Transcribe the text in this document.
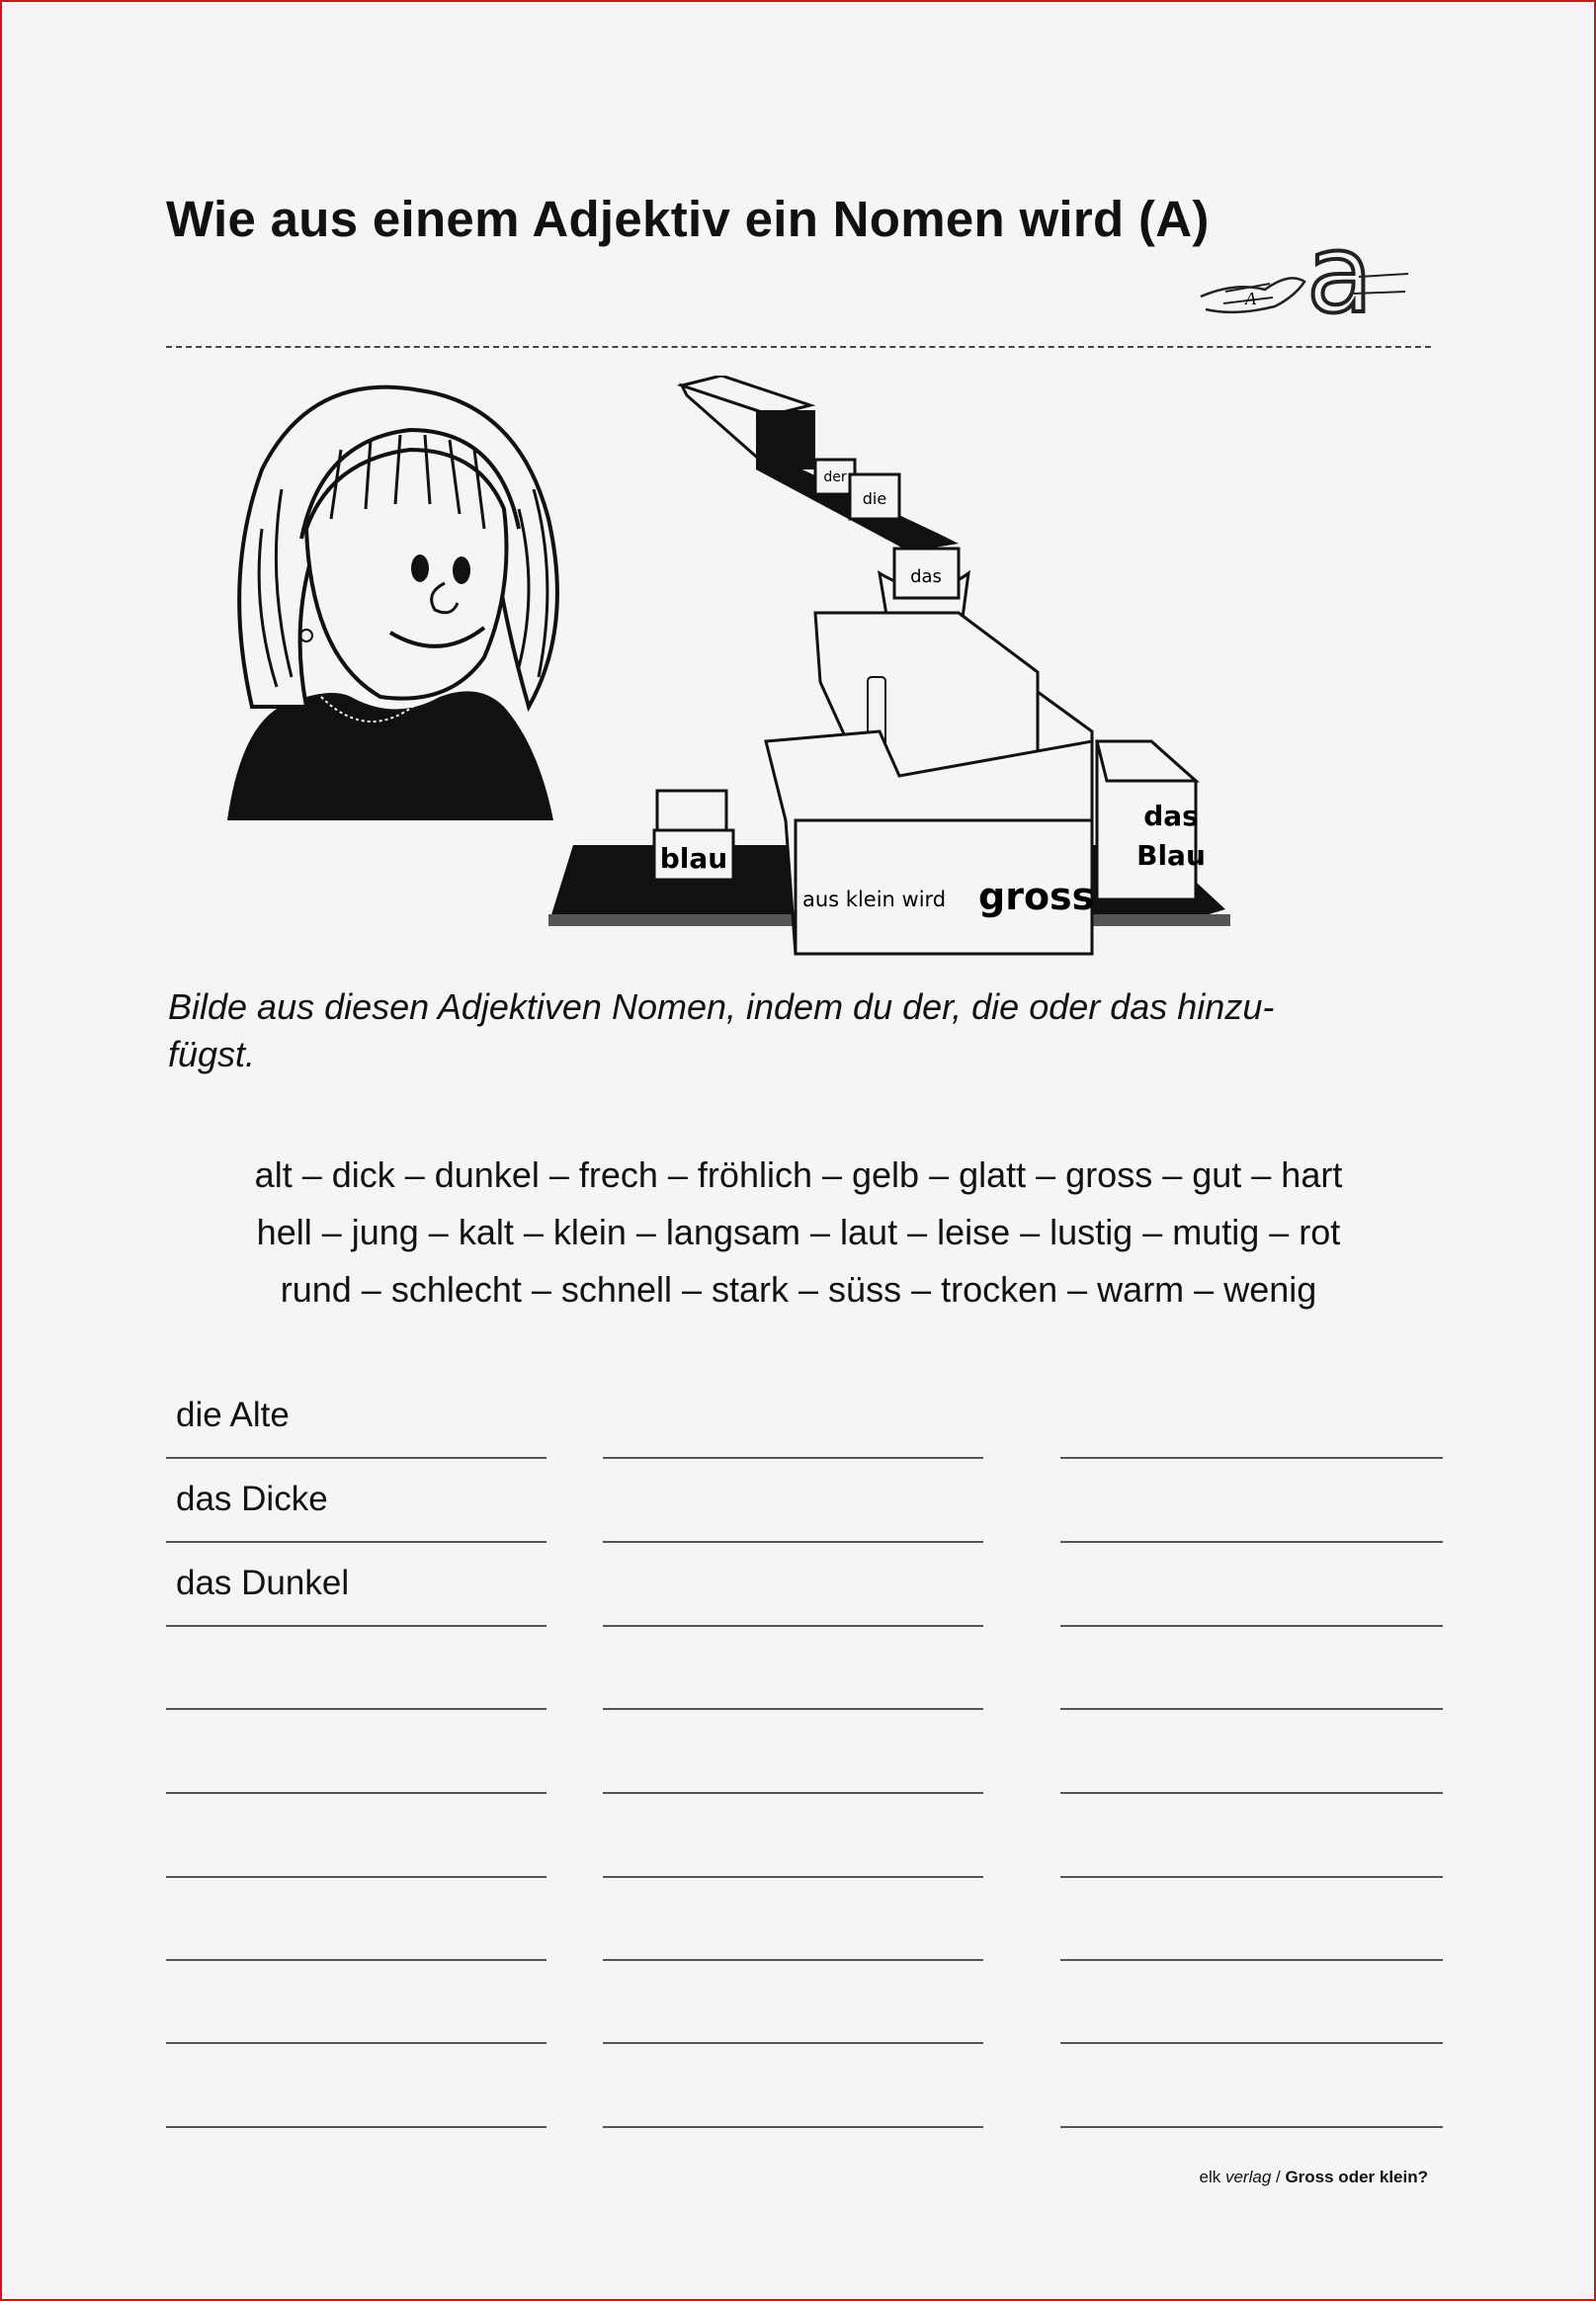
Wie aus einem Adjektiv ein Nomen wird (A)
A a
der
die
das
aus klein wird gross
blau
das
Blau
Bilde aus diesen Adjektiven Nomen, indem du der, die oder das hinzu-
fügst.
alt – dick – dunkel – frech – fröhlich – gelb – glatt – gross – gut – hart
hell – jung – kalt – klein – langsam – laut – leise – lustig – mutig – rot
rund – schlecht – schnell – stark – süss – trocken – warm – wenig
die Alte
das Dicke
das Dunkel
elk verlag / Gross oder klein?
